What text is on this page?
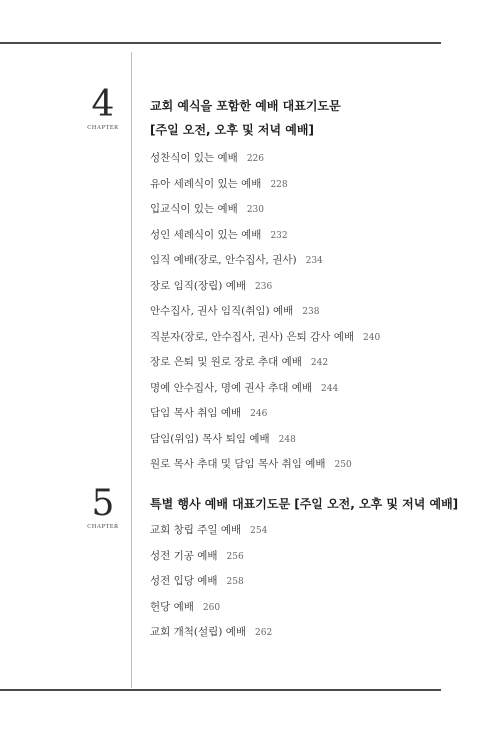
4
CHAPTER
교회 예식을 포함한 예배 대표기도문
[주일 오전, 오후 및 저녁 예배]
성찬식이 있는 예배 226
유아 세례식이 있는 예배 228
입교식이 있는 예배 230
성인 세례식이 있는 예배 232
임직 예배(장로, 안수집사, 권사) 234
장로 임직(장립) 예배 236
안수집사, 권사 임직(취임) 예배 238
직분자(장로, 안수집사, 권사) 은퇴 감사 예배 240
장로 은퇴 및 원로 장로 추대 예배 242
명예 안수집사, 명예 권사 추대 예배 244
담임 목사 취임 예배 246
담임(위임) 목사 퇴임 예배 248
원로 목사 추대 및 담임 목사 취임 예배 250
5
CHAPTER
특별 행사 예배 대표기도문 [주일 오전, 오후 및 저녁 예배]
교회 창립 주일 예배 254
성전 기공 예배 256
성전 입당 예배 258
헌당 예배 260
교회 개척(설립) 예배 262
